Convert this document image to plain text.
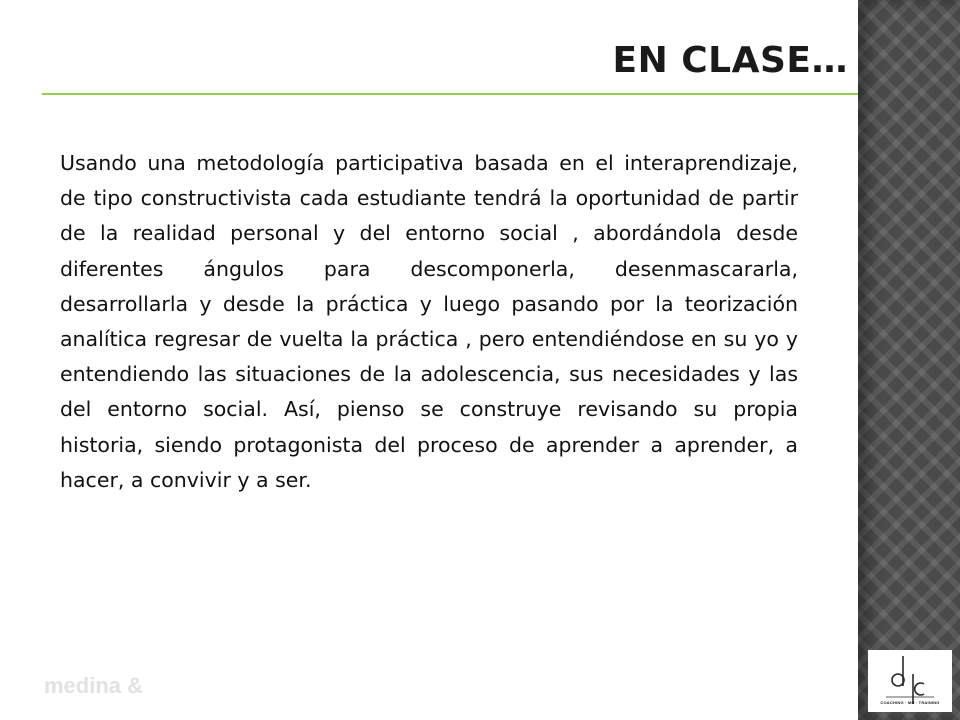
EN CLASE…

Usando una metodología participativa basada en el interaprendizaje, de tipo constructivista cada estudiante tendrá la oportunidad de partir de la realidad personal y del entorno social , abordándola desde diferentes ángulos para descomponerla, desenmascararla, desarrollarla y desde la práctica y luego pasando por la teorización analítica regresar de vuelta la práctica , pero entendiéndose en su yo y entendiendo las situaciones de la adolescencia, sus necesidades y las del entorno social. Así, pienso se construye revisando su propia historia, siendo protagonista del proceso de aprender a aprender, a hacer, a convivir y a ser.

medina &
COACHING · MH · TRAINING
